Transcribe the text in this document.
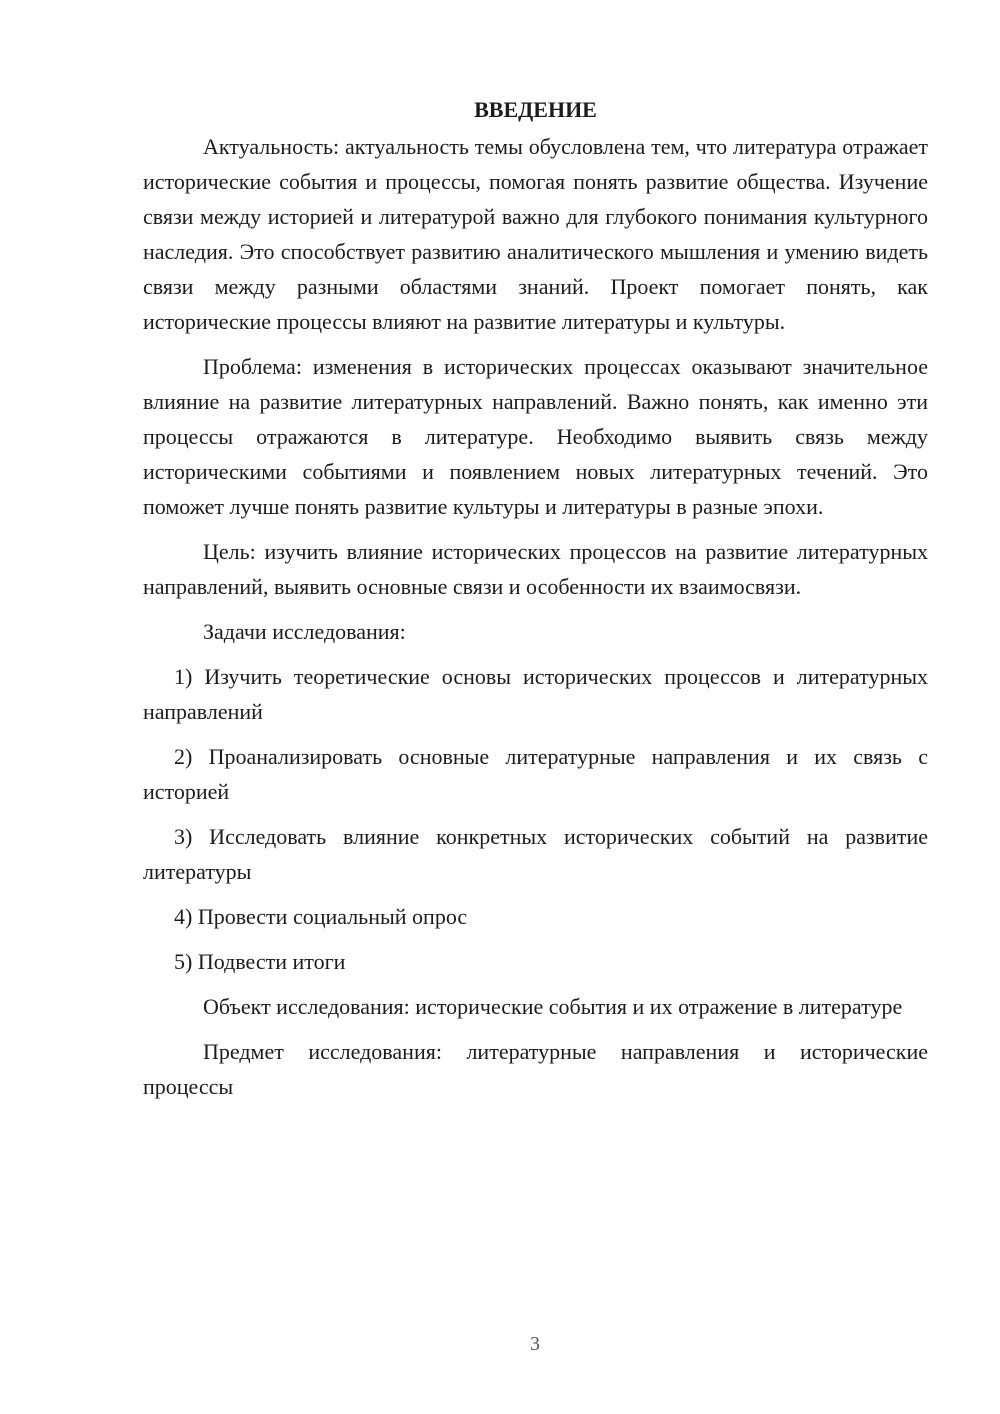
ВВЕДЕНИЕ

Актуальность: актуальность темы обусловлена тем, что литература отражает исторические события и процессы, помогая понять развитие общества. Изучение связи между историей и литературой важно для глубокого понимания культурного наследия. Это способствует развитию аналитического мышления и умению видеть связи между разными областями знаний. Проект помогает понять, как исторические процессы влияют на развитие литературы и культуры.

Проблема: изменения в исторических процессах оказывают значительное влияние на развитие литературных направлений. Важно понять, как именно эти процессы отражаются в литературе. Необходимо выявить связь между историческими событиями и появлением новых литературных течений. Это поможет лучше понять развитие культуры и литературы в разные эпохи.

Цель: изучить влияние исторических процессов на развитие литературных направлений, выявить основные связи и особенности их взаимосвязи.

Задачи исследования:

1) Изучить теоретические основы исторических процессов и литературных направлений

2) Проанализировать основные литературные направления и их связь с историей

3) Исследовать влияние конкретных исторических событий на развитие литературы

4) Провести социальный опрос

5) Подвести итоги

Объект исследования: исторические события и их отражение в литературе

Предмет исследования: литературные направления и исторические процессы

3
